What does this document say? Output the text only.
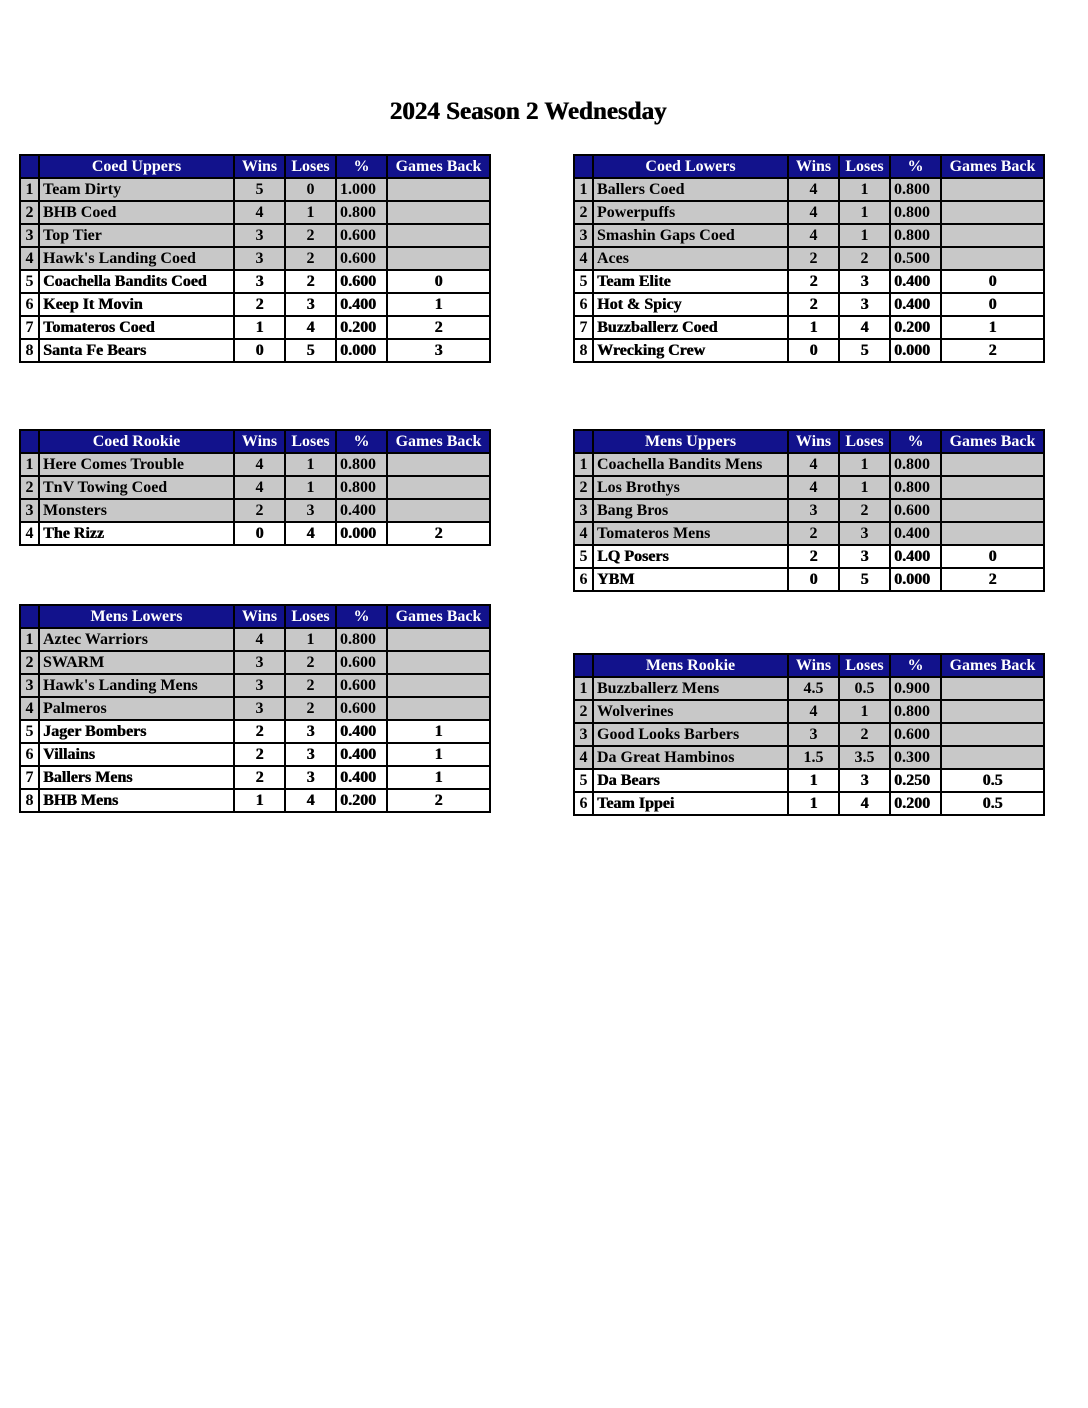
2024 Season 2 Wednesday
	Coed Uppers	Wins	Loses	%	Games Back
1	Team Dirty	5	0	1.000	
2	BHB Coed	4	1	0.800	
3	Top Tier	3	2	0.600	
4	Hawk's Landing Coed	3	2	0.600	
5	Coachella Bandits Coed	3	2	0.600	0
6	Keep It Movin	2	3	0.400	1
7	Tomateros Coed	1	4	0.200	2
8	Santa Fe Bears	0	5	0.000	3
	Coed Lowers	Wins	Loses	%	Games Back
1	Ballers Coed	4	1	0.800	
2	Powerpuffs	4	1	0.800	
3	Smashin Gaps Coed	4	1	0.800	
4	Aces	2	2	0.500	
5	Team Elite	2	3	0.400	0
6	Hot & Spicy	2	3	0.400	0
7	Buzzballerz Coed	1	4	0.200	1
8	Wrecking Crew	0	5	0.000	2
	Coed Rookie	Wins	Loses	%	Games Back
1	Here Comes Trouble	4	1	0.800	
2	TnV Towing Coed	4	1	0.800	
3	Monsters	2	3	0.400	
4	The Rizz	0	4	0.000	2
	Mens Uppers	Wins	Loses	%	Games Back
1	Coachella Bandits Mens	4	1	0.800	
2	Los Brothys	4	1	0.800	
3	Bang Bros	3	2	0.600	
4	Tomateros Mens	2	3	0.400	
5	LQ Posers	2	3	0.400	0
6	YBM	0	5	0.000	2
	Mens Lowers	Wins	Loses	%	Games Back
1	Aztec Warriors	4	1	0.800	
2	SWARM	3	2	0.600	
3	Hawk's Landing Mens	3	2	0.600	
4	Palmeros	3	2	0.600	
5	Jager Bombers	2	3	0.400	1
6	Villains	2	3	0.400	1
7	Ballers Mens	2	3	0.400	1
8	BHB Mens	1	4	0.200	2
	Mens Rookie	Wins	Loses	%	Games Back
1	Buzzballerz Mens	4.5	0.5	0.900	
2	Wolverines	4	1	0.800	
3	Good Looks Barbers	3	2	0.600	
4	Da Great Hambinos	1.5	3.5	0.300	
5	Da Bears	1	3	0.250	0.5
6	Team Ippei	1	4	0.200	0.5
